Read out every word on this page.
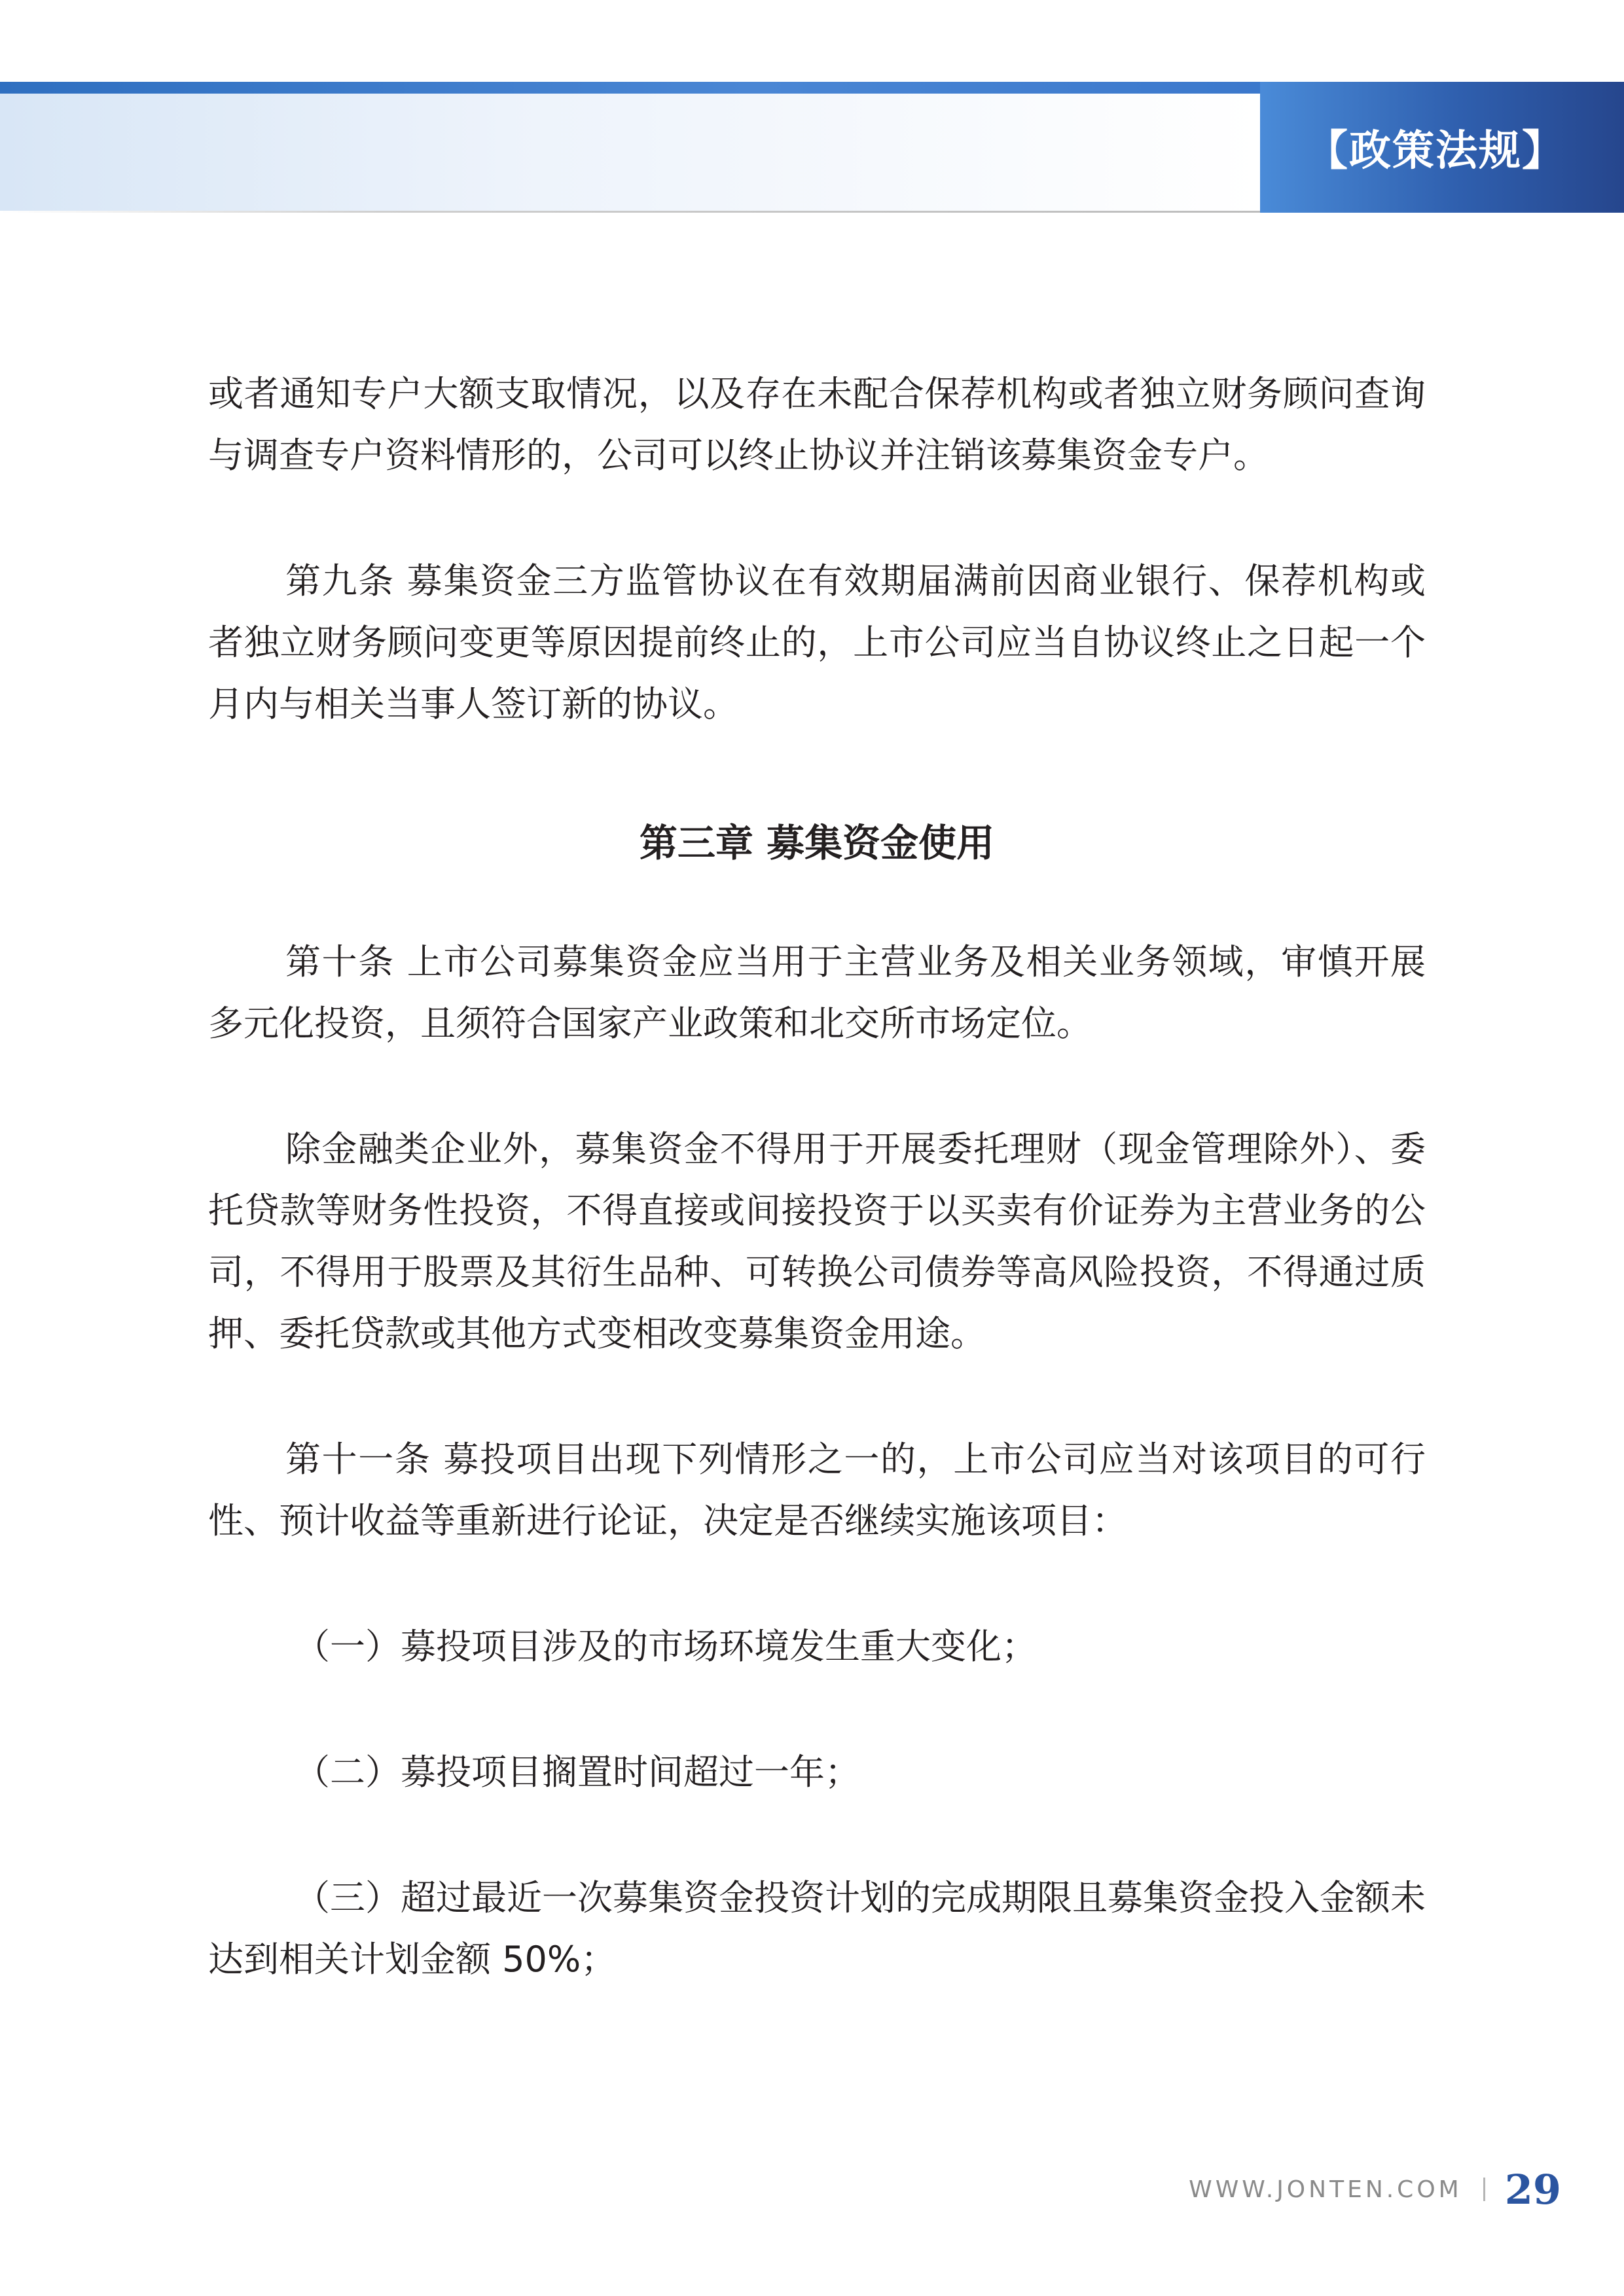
【政策法规】

或者通知专户大额支取情况，以及存在未配合保荐机构或者独立财务顾问查询与调查专户资料情形的，公司可以终止协议并注销该募集资金专户。

第九条 募集资金三方监管协议在有效期届满前因商业银行、保荐机构或者独立财务顾问变更等原因提前终止的，上市公司应当自协议终止之日起一个月内与相关当事人签订新的协议。

第三章 募集资金使用

第十条 上市公司募集资金应当用于主营业务及相关业务领域，审慎开展多元化投资，且须符合国家产业政策和北交所市场定位。

除金融类企业外，募集资金不得用于开展委托理财（现金管理除外）、委托贷款等财务性投资，不得直接或间接投资于以买卖有价证券为主营业务的公司，不得用于股票及其衍生品种、可转换公司债券等高风险投资，不得通过质押、委托贷款或其他方式变相改变募集资金用途。

第十一条 募投项目出现下列情形之一的，上市公司应当对该项目的可行性、预计收益等重新进行论证，决定是否继续实施该项目：

（一）募投项目涉及的市场环境发生重大变化；

（二）募投项目搁置时间超过一年；

（三）超过最近一次募集资金投资计划的完成期限且募集资金投入金额未达到相关计划金额 50%；

WWW.JONTEN.COM 29
